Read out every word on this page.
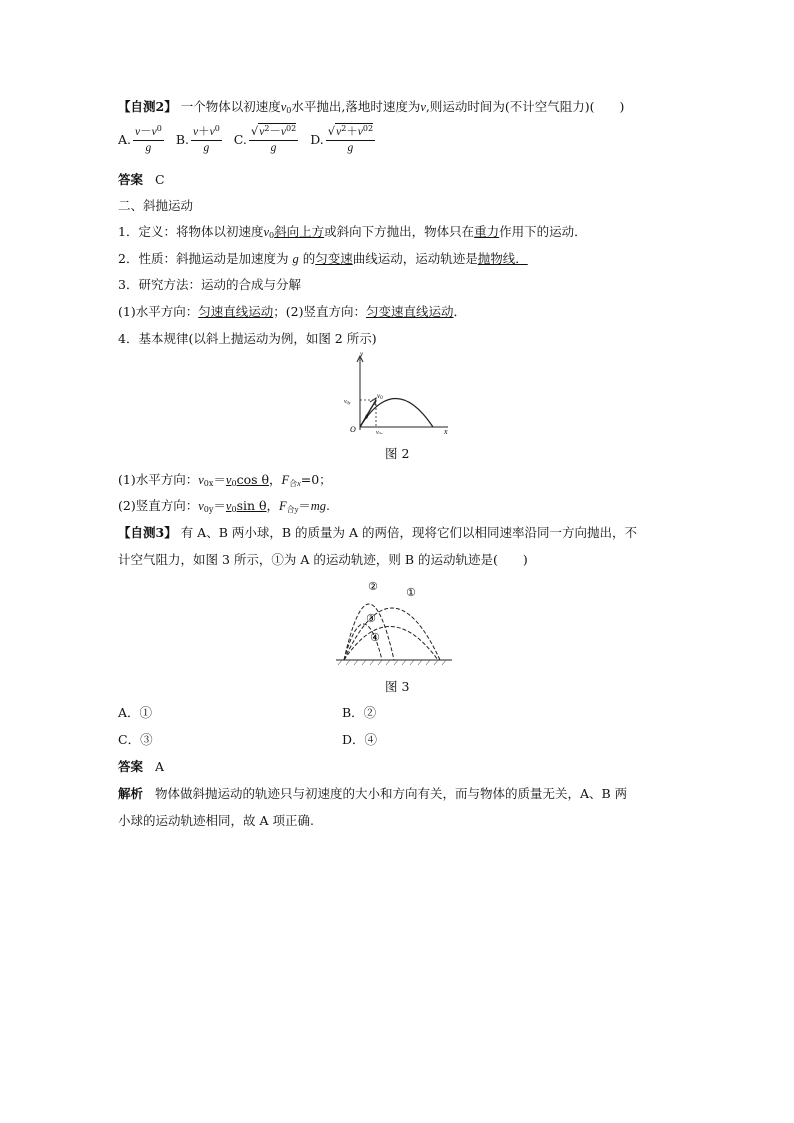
【自测2】 一个物体以初速度$v_0$水平抛出,落地时速度为v,则运动时间为(不计空气阻力)(　　)
A. $\frac{v-v^0}{g} B$. $\frac{v+v^0}{g} C$. $\frac{√v^2-v^{02}}{g} D$. $\frac{√v^2+v^{02}}{g}$
答案 C
二、斜抛运动
1．定义：将物体以初速度$v_0$斜向上方或斜向下方抛出，物体只在重力作用下的运动．
2．性质：斜抛运动是加速度为 g 的匀变速曲线运动，运动轨迹是抛物线．
3．研究方法：运动的合成与分解
(1)水平方向：匀速直线运动；(2)竖直方向：匀变速直线运动．
4．基本规律(以斜上抛运动为例，如图 2 所示)
y
x
O
v0
v0y
v0x
θ
图 2
(1)水平方向：$v_{0x}=v_0\cos$ θ，$F_{合x}=0$；
(2)竖直方向：$v_{0y}=v_0\sin$ θ，$F_{合y}=mg$.
【自测3】 有 A、B 两小球，B 的质量为 A 的两倍，现将它们以相同速率沿同一方向抛出，不
计空气阻力，如图 3 所示，①为 A 的运动轨迹，则 B 的运动轨迹是(　　)
①
②
③
④
图 3
A．①	B．②
C．③	D．④
答案 A
解析 物体做斜抛运动的轨迹只与初速度的大小和方向有关，而与物体的质量无关，A、B 两
小球的运动轨迹相同，故 A 项正确.
